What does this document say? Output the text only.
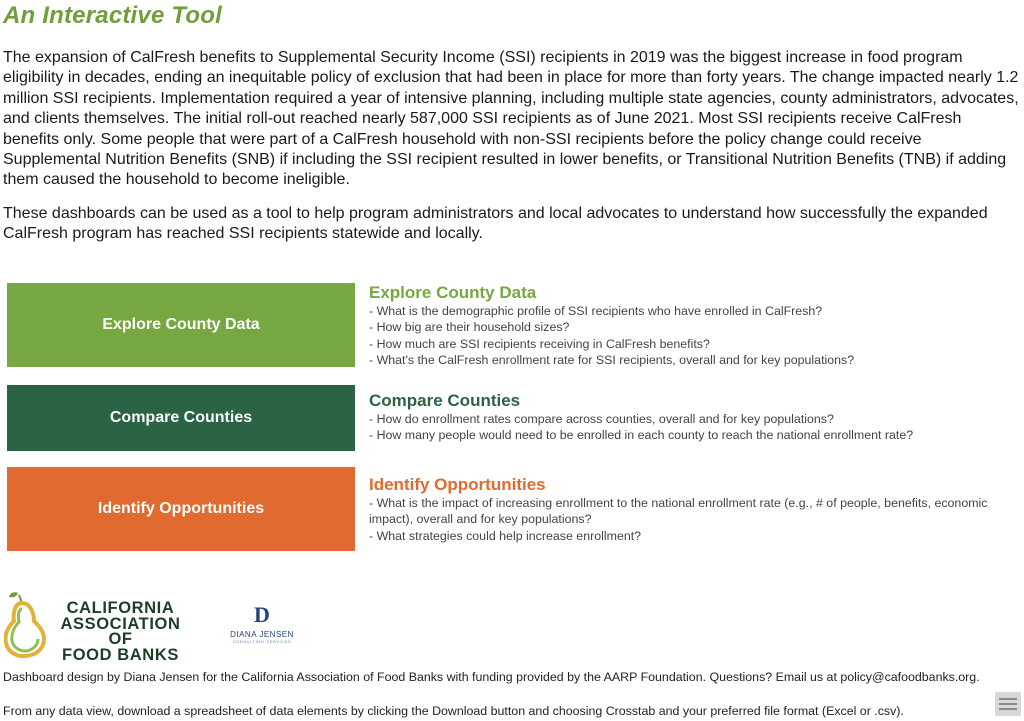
An Interactive Tool

The expansion of CalFresh benefits to Supplemental Security Income (SSI) recipients in 2019 was the biggest increase in food program eligibility in decades, ending an inequitable policy of exclusion that had been in place for more than forty years. The change impacted nearly 1.2 million SSI recipients. Implementation required a year of intensive planning, including multiple state agencies, county administrators, advocates, and clients themselves. The initial roll-out reached nearly 587,000 SSI recipients as of June 2021. Most SSI recipients receive CalFresh benefits only. Some people that were part of a CalFresh household with non-SSI recipients before the policy change could receive Supplemental Nutrition Benefits (SNB) if including the SSI recipient resulted in lower benefits, or Transitional Nutrition Benefits (TNB) if adding them caused the household to become ineligible.

These dashboards can be used as a tool to help program administrators and local advocates to understand how successfully the expanded CalFresh program has reached SSI recipients statewide and locally.

Explore County Data
Compare Counties
Identify Opportunities
Explore County Data
- What is the demographic profile of SSI recipients who have enrolled in CalFresh?
- How big are their household sizes?
- How much are SSI recipients receiving in CalFresh benefits?
- What's the CalFresh enrollment rate for SSI recipients, overall and for key populations?
Compare Counties
- How do enrollment rates compare across counties, overall and for key populations?
- How many people would need to be enrolled in each county to reach the national enrollment rate?
Identify Opportunities
- What is the impact of increasing enrollment to the national enrollment rate (e.g., # of people, benefits, economic impact), overall and for key populations?
- What strategies could help increase enrollment?
CALIFORNIA
ASSOCIATION OF
FOOD BANKS
D
DIANA JENSEN
CONSULTING SERVICES
Dashboard design by Diana Jensen for the California Association of Food Banks with funding provided by the AARP Foundation. Questions? Email us at policy@cafoodbanks.org.
From any data view, download a spreadsheet of data elements by clicking the Download button and choosing Crosstab and your preferred file format (Excel or .csv).
